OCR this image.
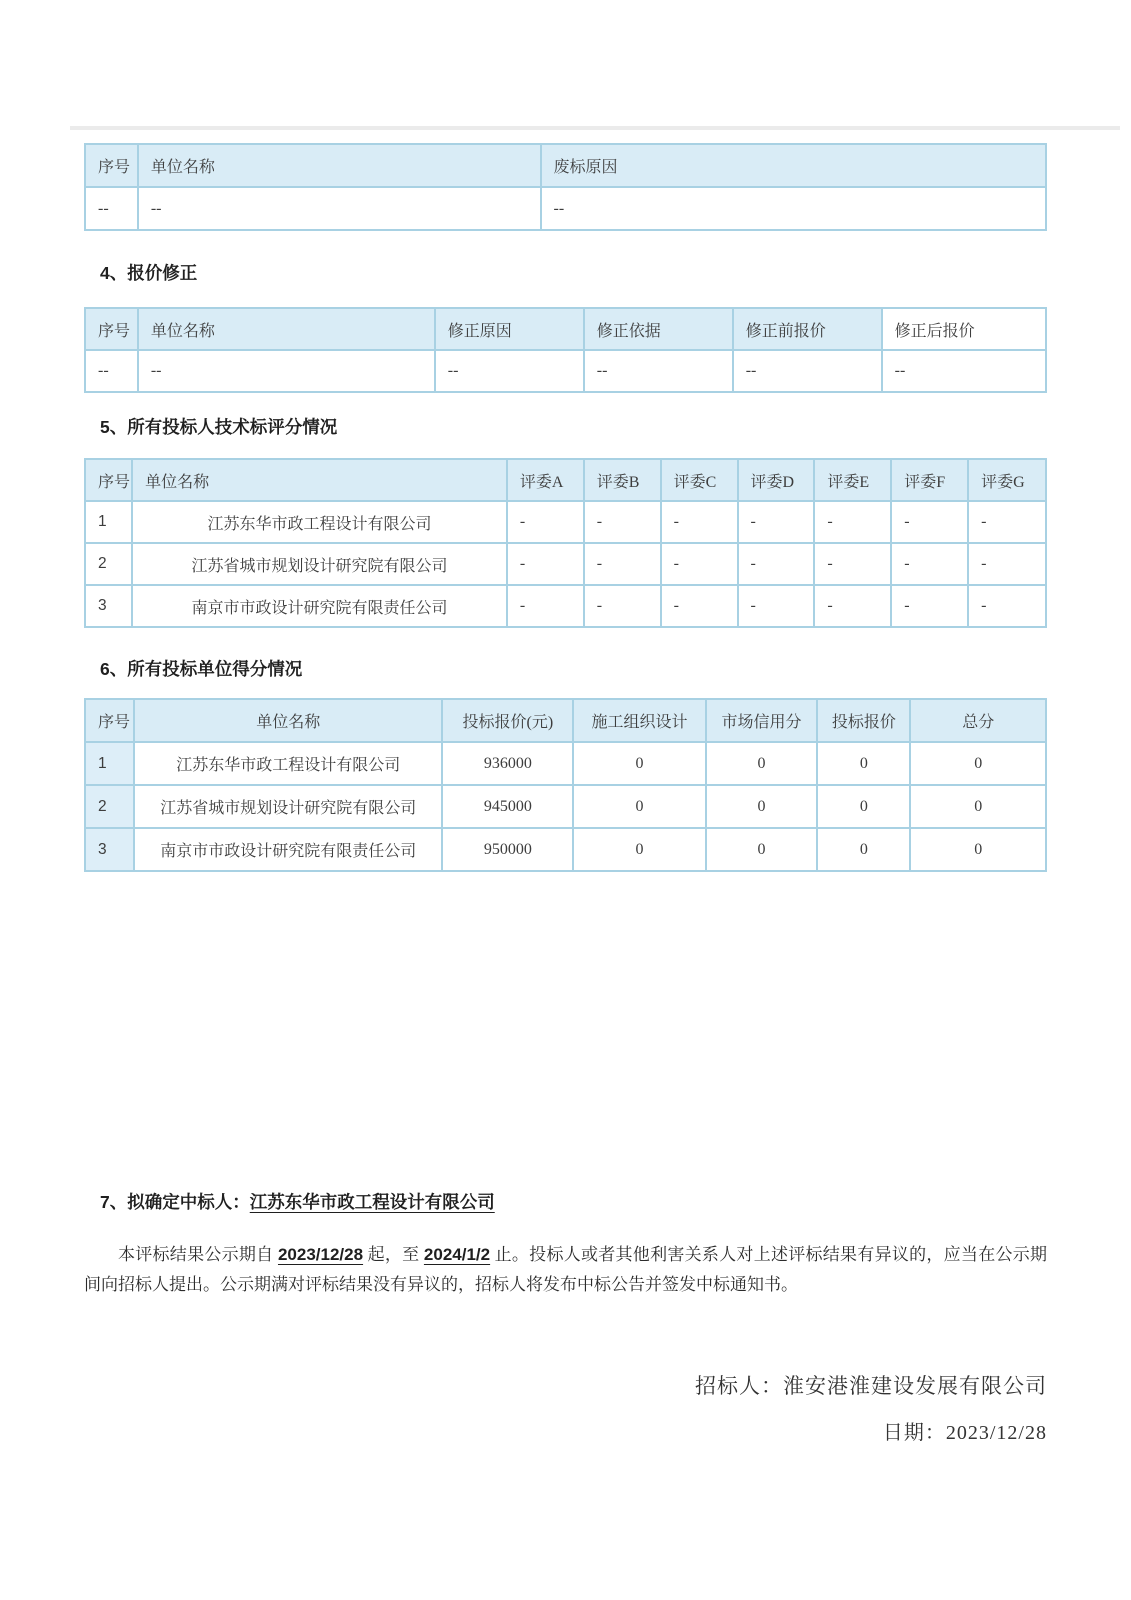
序号	单位名称	废标原因
--	--	--
4、报价修正
序号	单位名称	修正原因	修正依据	修正前报价	修正后报价
--	--	--	--	--	--
5、所有投标人技术标评分情况
序号	单位名称	评委A	评委B	评委C	评委D	评委E	评委F	评委G
1	江苏东华市政工程设计有限公司	-	-	-	-	-	-	-
2	江苏省城市规划设计研究院有限公司	-	-	-	-	-	-	-
3	南京市市政设计研究院有限责任公司	-	-	-	-	-	-	-
6、所有投标单位得分情况
序号	单位名称	投标报价(元)	施工组织设计	市场信用分	投标报价	总分
1	江苏东华市政工程设计有限公司	936000	0	0	0	0
2	江苏省城市规划设计研究院有限公司	945000	0	0	0	0
3	南京市市政设计研究院有限责任公司	950000	0	0	0	0
7、拟确定中标人：江苏东华市政工程设计有限公司

本评标结果公示期自 2023/12/28 起，至 2024/1/2 止。投标人或者其他利害关系人对上述评标结果有异议的，应当在公示期间向招标人提出。公示期满对评标结果没有异议的，招标人将发布中标公告并签发中标通知书。

招标人：淮安港淮建设发展有限公司
日期：2023/12/28
